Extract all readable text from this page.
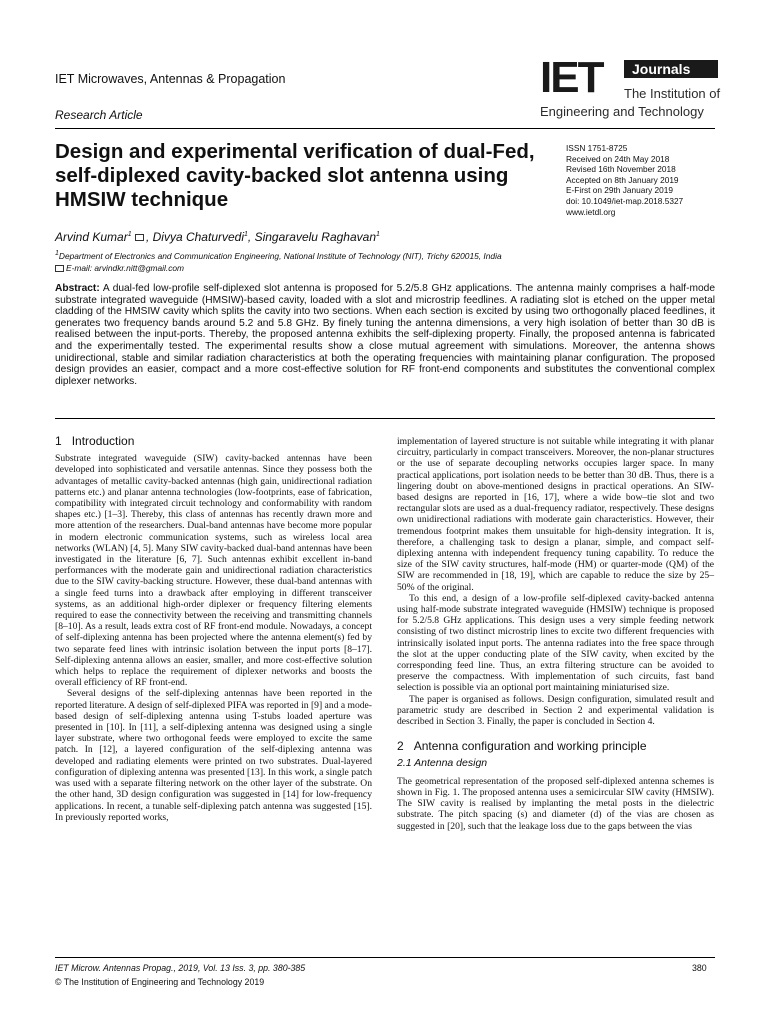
IET Microwaves, Antennas & Propagation
Research Article
IET	Journals
The Institution of
Engineering and Technology
Design and experimental verification of dual-Fed, self-diplexed cavity-backed slot antenna using HMSIW technique
ISSN 1751-8725
Received on 24th May 2018
Revised 16th November 2018
Accepted on 8th January 2019
E-First on 29th January 2019
doi: 10.1049/iet-map.2018.5327
www.ietdl.org
Arvind Kumar$^1$ , Divya Chaturvedi$^1$, Singaravelu Raghavan$^1$
$^1$Department of Electronics and Communication Engineering, National Institute of Technology (NIT), Trichy 620015, India
E-mail: arvindkr.nitt@gmail.com
Abstract: A dual-fed low-profile self-diplexed slot antenna is proposed for 5.2/5.8 GHz applications. The antenna mainly comprises a half-mode substrate integrated waveguide (HMSIW)-based cavity, loaded with a slot and microstrip feedlines. A radiating slot is etched on the upper metal cladding of the HMSIW cavity which splits the cavity into two sections. When each section is excited by using two orthogonally placed feedlines, it generates two frequency bands around 5.2 and 5.8 GHz. By finely tuning the antenna dimensions, a very high isolation of better than 30 dB is realised between the input-ports. Thereby, the proposed antenna exhibits the self-diplexing property. Finally, the proposed antenna is fabricated and the experimentally tested. The experimental results show a close mutual agreement with simulations. Moreover, the antenna shows unidirectional, stable and similar radiation characteristics at both the operating frequencies with maintaining planar configuration. The proposed design provides an easier, compact and a more cost-effective solution for RF front-end components and substitutes the conventional complex diplexer networks.
1 Introduction

Substrate integrated waveguide (SIW) cavity-backed antennas have been developed into sophisticated and versatile antennas. Since they possess both the advantages of metallic cavity-backed antennas (high gain, unidirectional radiation patterns etc.) and planar antenna technologies (low-footprints, ease of fabrication, compatibility with integrated circuit technology and conformability with random shapes etc.) [1–3]. Thereby, this class of antennas has recently drawn more and more attention of the researchers. Dual-band antennas have become more popular in modern electronic communication systems, such as wireless local area networks (WLAN) [4, 5]. Many SIW cavity-backed dual-band antennas have been investigated in the literature [6, 7]. Such antennas exhibit excellent in-band performances with the moderate gain and unidirectional radiation characteristics due to the SIW cavity-backing structure. However, these dual-band antennas with a single feed turns into a drawback after employing in different transceiver systems, as an additional high-order diplexer or frequency filtering elements required to ease the connectivity between the receiving and transmitting channels [8–10]. As a result, leads extra cost of RF front-end module. Nowadays, a concept of self-diplexing antenna has been projected where the antenna element(s) fed by two separate feed lines with intrinsic isolation between the input ports [8–17]. Self-diplexing antenna allows an easier, smaller, and more cost-effective solution which helps to replace the requirement of diplexer networks and boosts the overall efficiency of RF front-end.

Several designs of the self-diplexing antennas have been reported in the reported literature. A design of self-diplexed PIFA was reported in [9] and a mode-based design of self-diplexing antenna using T-stubs loaded aperture was presented in [10]. In [11], a self-diplexing antenna was designed using a single layer substrate, where two orthogonal feeds were employed to excite the same patch. In [12], a layered configuration of the self-diplexing antenna was developed and radiating elements were printed on two substrates. Dual-layered configuration of diplexing antenna was presented [13]. In this work, a single patch was used with a separate filtering network on the other layer of the substrate. On the other hand, 3D design configuration was suggested in [14] for low-frequency applications. In recent, a tunable self-diplexing patch antenna was suggested [15]. In previously reported works,

implementation of layered structure is not suitable while integrating it with planar circuitry, particularly in compact transceivers. Moreover, the non-planar structures or the use of separate decoupling networks occupies larger space. In many practical applications, port isolation needs to be better than 30 dB. Thus, there is a lingering doubt on above-mentioned designs in practical operations. An SIW-based designs are reported in [16, 17], where a wide bow–tie slot and two rectangular slots are used as a dual-frequency radiator, respectively. These designs own unidirectional radiations with moderate gain characteristics. However, their tremendous footprint makes them unsuitable for high-density integration. It is, therefore, a challenging task to design a planar, simple, and compact self-diplexing antenna with independent frequency tuning capability. To reduce the size of the SIW cavity structures, half-mode (HM) or quarter-mode (QM) of the SIW are recommended in [18, 19], which are capable to reduce the size by 25–50% of the original.

To this end, a design of a low-profile self-diplexed cavity-backed antenna using half-mode substrate integrated waveguide (HMSIW) technique is proposed for 5.2/5.8 GHz applications. This design uses a very simple feeding network consisting of two distinct microstrip lines to excite two different frequencies with intrinsically isolated input ports. The antenna radiates into the free space through the slot at the upper conducting plate of the SIW cavity, when excited by the corresponding feed line. Thus, an extra filtering structure can be avoided to preserve the compactness. With implementation of such circuits, fast band selection is possible via an optional port maintaining miniaturised size.

The paper is organised as follows. Design configuration, simulated result and parametric study are described in Section 2 and experimental validation is described in Section 3. Finally, the paper is concluded in Section 4.

2 Antenna configuration and working principle
2.1 Antenna design

The geometrical representation of the proposed self-diplexed antenna schemes is shown in Fig. 1. The proposed antenna uses a semicircular SIW cavity (HMSIW). The SIW cavity is realised by implanting the metal posts in the dielectric substrate. The pitch spacing (s) and diameter (d) of the vias are chosen as suggested in [20], such that the leakage loss due to the gaps between the vias

IET Microw. Antennas Propag., 2019, Vol. 13 Iss. 3, pp. 380-385
© The Institution of Engineering and Technology 2019
380
